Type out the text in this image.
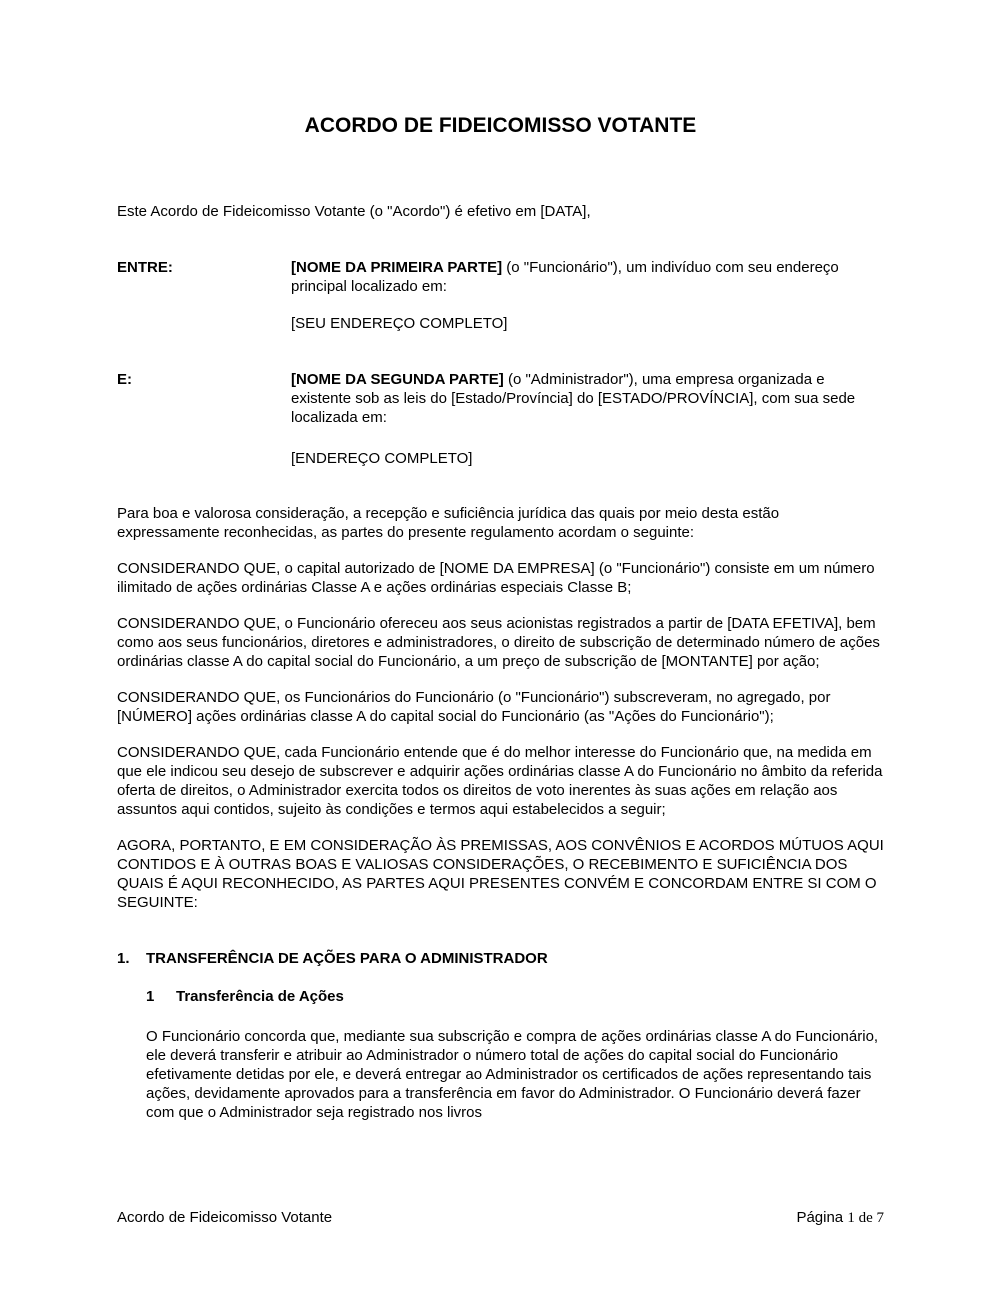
ACORDO DE FIDEICOMISSO VOTANTE

Este Acordo de Fideicomisso Votante (o "Acordo") é efetivo em [DATA],

ENTRE:	[NOME DA PRIMEIRA PARTE] (o "Funcionário"), um indivíduo com seu endereço principal localizado em:

[SEU ENDEREÇO COMPLETO]

E:	[NOME DA SEGUNDA PARTE] (o "Administrador"), uma empresa organizada e existente sob as leis do [Estado/Província] do [ESTADO/PROVÍNCIA], com sua sede localizada em:

[ENDEREÇO COMPLETO]

Para boa e valorosa consideração, a recepção e suficiência jurídica das quais por meio desta estão expressamente reconhecidas, as partes do presente regulamento acordam o seguinte:

CONSIDERANDO QUE, o capital autorizado de [NOME DA EMPRESA] (o "Funcionário") consiste em um número ilimitado de ações ordinárias Classe A e ações ordinárias especiais Classe B;

CONSIDERANDO QUE, o Funcionário ofereceu aos seus acionistas registrados a partir de [DATA EFETIVA], bem como aos seus funcionários, diretores e administradores, o direito de subscrição de determinado número de ações ordinárias classe A do capital social do Funcionário, a um preço de subscrição de [MONTANTE] por ação;

CONSIDERANDO QUE, os Funcionários do Funcionário (o "Funcionário") subscreveram, no agregado, por [NÚMERO] ações ordinárias classe A do capital social do Funcionário (as "Ações do Funcionário");

CONSIDERANDO QUE, cada Funcionário entende que é do melhor interesse do Funcionário que, na medida em que ele indicou seu desejo de subscrever e adquirir ações ordinárias classe A do Funcionário no âmbito da referida oferta de direitos, o Administrador exercita todos os direitos de voto inerentes às suas ações em relação aos assuntos aqui contidos, sujeito às condições e termos aqui estabelecidos a seguir;

AGORA, PORTANTO, E EM CONSIDERAÇÃO ÀS PREMISSAS, AOS CONVÊNIOS E ACORDOS MÚTUOS AQUI CONTIDOS E À OUTRAS BOAS E VALIOSAS CONSIDERAÇÕES, O RECEBIMENTO E SUFICIÊNCIA DOS QUAIS É AQUI RECONHECIDO, AS PARTES AQUI PRESENTES CONVÉM E CONCORDAM ENTRE SI COM O SEGUINTE:

1.	TRANSFERÊNCIA DE AÇÕES PARA O ADMINISTRADOR
1	Transferência de Ações

O Funcionário concorda que, mediante sua subscrição e compra de ações ordinárias classe A do Funcionário, ele deverá transferir e atribuir ao Administrador o número total de ações do capital social do Funcionário efetivamente detidas por ele, e deverá entregar ao Administrador os certificados de ações representando tais ações, devidamente aprovados para a transferência em favor do Administrador. O Funcionário deverá fazer com que o Administrador seja registrado nos livros

Acordo de Fideicomisso Votante	Página 1 de 7
